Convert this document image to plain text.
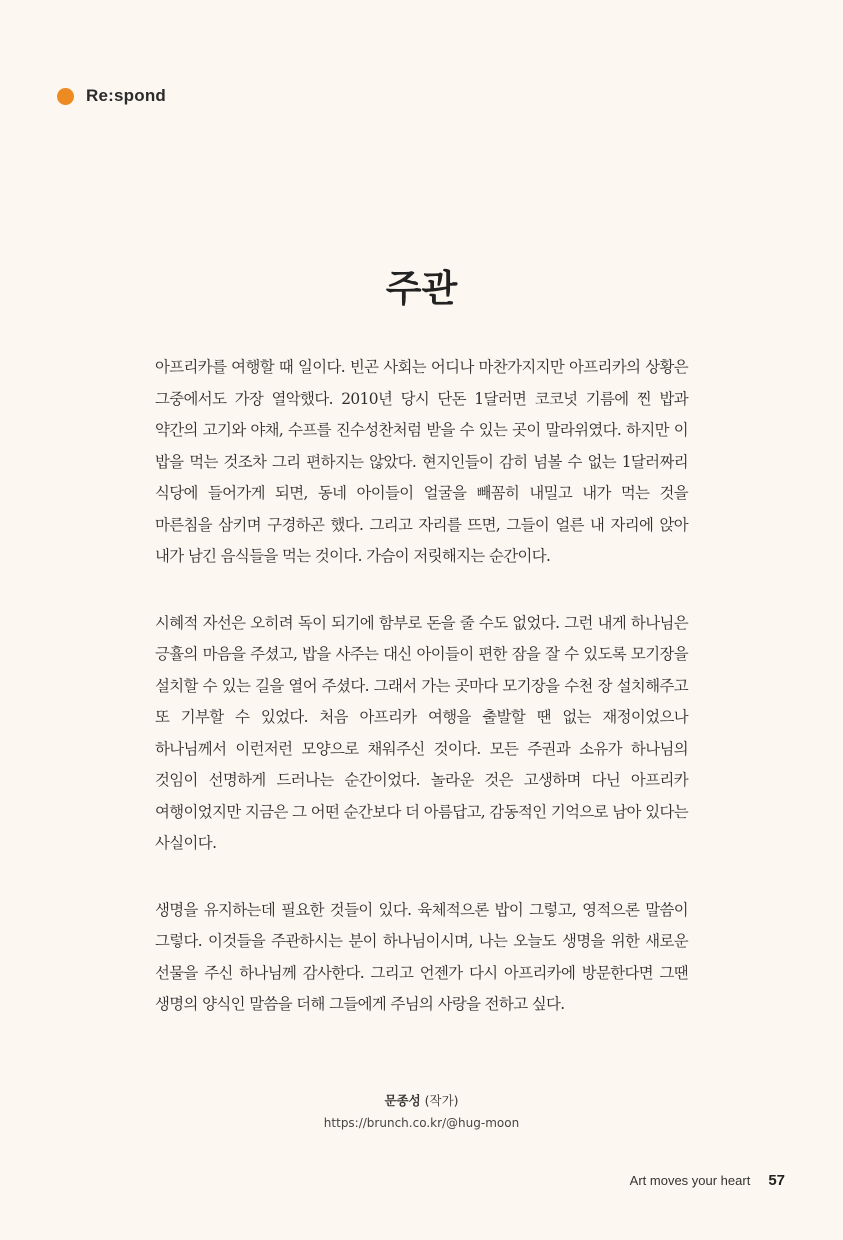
Re:spond
주관

아프리카를 여행할 때 일이다. 빈곤 사회는 어디나 마찬가지지만 아프리카의 상황은 그중에서도 가장 열악했다. 2010년 당시 단돈 1달러면 코코넛 기름에 찐 밥과 약간의 고기와 야채, 수프를 진수성찬처럼 받을 수 있는 곳이 말라위였다. 하지만 이 밥을 먹는 것조차 그리 편하지는 않았다. 현지인들이 감히 넘볼 수 없는 1달러짜리 식당에 들어가게 되면, 동네 아이들이 얼굴을 빼꼼히 내밀고 내가 먹는 것을 마른침을 삼키며 구경하곤 했다. 그리고 자리를 뜨면, 그들이 얼른 내 자리에 앉아 내가 남긴 음식들을 먹는 것이다. 가슴이 저릿해지는 순간이다.

시혜적 자선은 오히려 독이 되기에 함부로 돈을 줄 수도 없었다. 그런 내게 하나님은 긍휼의 마음을 주셨고, 밥을 사주는 대신 아이들이 편한 잠을 잘 수 있도록 모기장을 설치할 수 있는 길을 열어 주셨다. 그래서 가는 곳마다 모기장을 수천 장 설치해주고 또 기부할 수 있었다. 처음 아프리카 여행을 출발할 땐 없는 재정이었으나 하나님께서 이런저런 모양으로 채워주신 것이다. 모든 주권과 소유가 하나님의 것임이 선명하게 드러나는 순간이었다. 놀라운 것은 고생하며 다닌 아프리카 여행이었지만 지금은 그 어떤 순간보다 더 아름답고, 감동적인 기억으로 남아 있다는 사실이다.

생명을 유지하는데 필요한 것들이 있다. 육체적으론 밥이 그렇고, 영적으론 말씀이 그렇다. 이것들을 주관하시는 분이 하나님이시며, 나는 오늘도 생명을 위한 새로운 선물을 주신 하나님께 감사한다. 그리고 언젠가 다시 아프리카에 방문한다면 그땐 생명의 양식인 말씀을 더해 그들에게 주님의 사랑을 전하고 싶다.

문종성 (작가)
https://brunch.co.kr/@hug-moon
Art moves your heart 57
